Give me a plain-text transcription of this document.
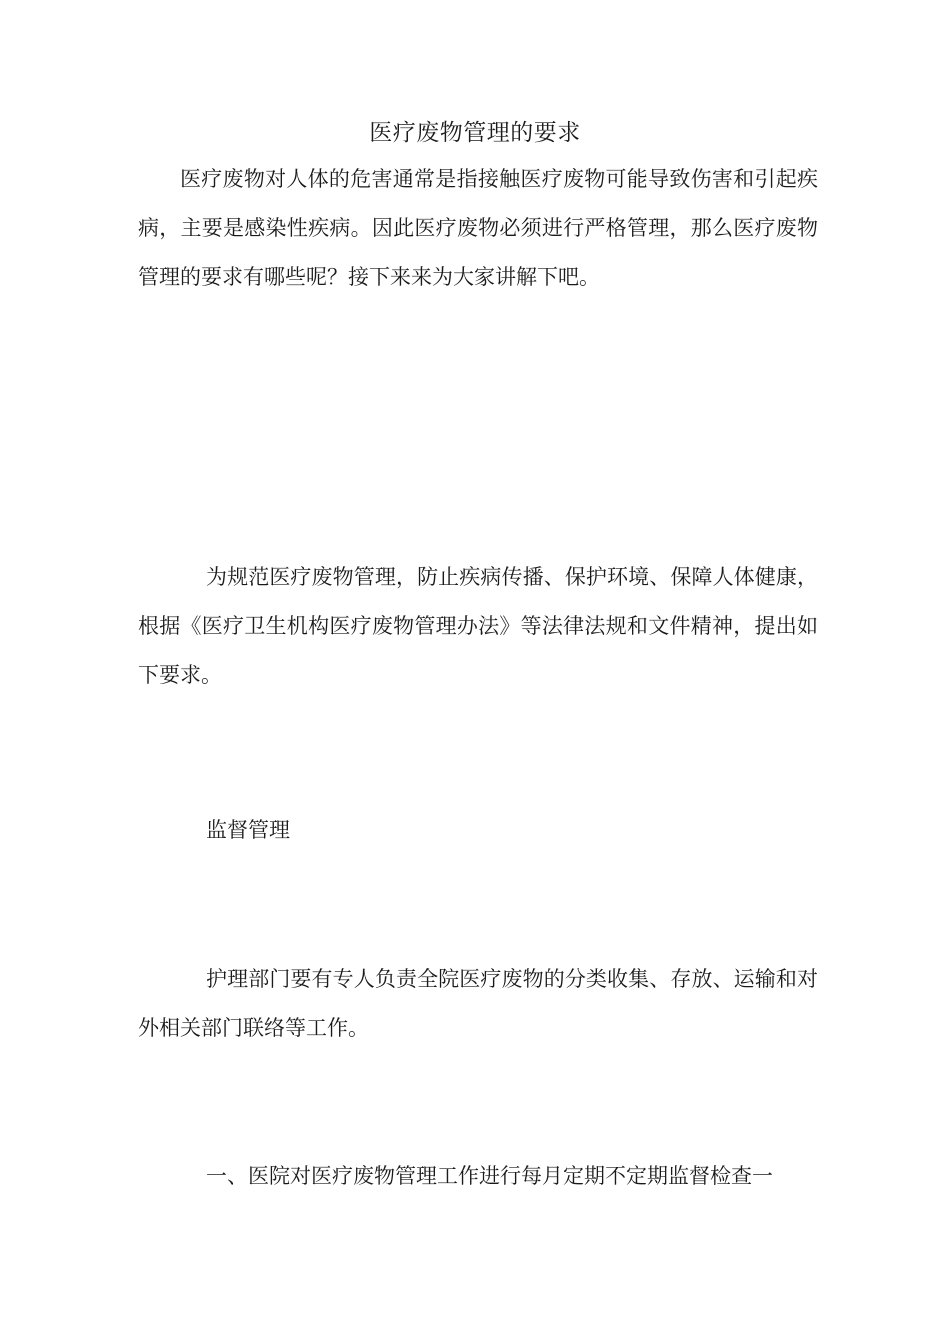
医疗废物管理的要求

医疗废物对人体的危害通常是指接触医疗废物可能导致伤害和引起疾病，主要是感染性疾病。因此医疗废物必须进行严格管理，那么医疗废物管理的要求有哪些呢？接下来来为大家讲解下吧。

为规范医疗废物管理，防止疾病传播、保护环境、保障人体健康，根据《医疗卫生机构医疗废物管理办法》等法律法规和文件精神，提出如下要求。

监督管理

护理部门要有专人负责全院医疗废物的分类收集、存放、运输和对外相关部门联络等工作。

一、医院对医疗废物管理工作进行每月定期不定期监督检查一
